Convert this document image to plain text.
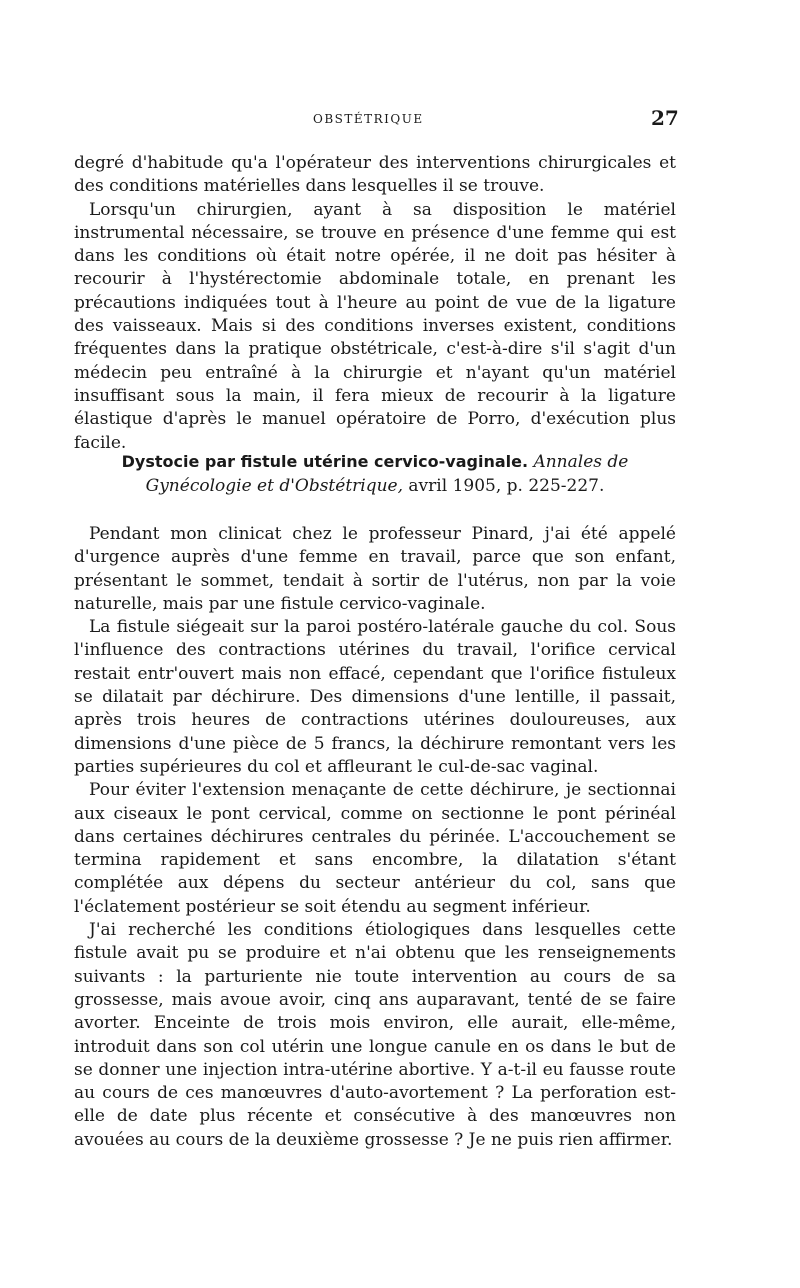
OBSTÉTRIQUE	27

degré d'habitude qu'a l'opérateur des interventions chirurgicales et des conditions matérielles dans lesquelles il se trouve.

Lorsqu'un chirurgien, ayant à sa disposition le matériel instrumental nécessaire, se trouve en présence d'une femme qui est dans les conditions où était notre opérée, il ne doit pas hésiter à recourir à l'hystérectomie abdominale totale, en prenant les précautions indiquées tout à l'heure au point de vue de la ligature des vaisseaux. Mais si des conditions inverses existent, conditions fréquentes dans la pratique obstétricale, c'est-à-dire s'il s'agit d'un médecin peu entraîné à la chirurgie et n'ayant qu'un matériel insuffisant sous la main, il fera mieux de recourir à la ligature élastique d'après le manuel opératoire de Porro, d'exécution plus facile.

Dystocie par fistule utérine cervico-vaginale. Annales de Gynécologie et d'Obstétrique, avril 1905, p. 225-227.

Pendant mon clinicat chez le professeur Pinard, j'ai été appelé d'urgence auprès d'une femme en travail, parce que son enfant, présentant le sommet, tendait à sortir de l'utérus, non par la voie naturelle, mais par une fistule cervico-vaginale.

La fistule siégeait sur la paroi postéro-latérale gauche du col. Sous l'influence des contractions utérines du travail, l'orifice cervical restait entr'ouvert mais non effacé, cependant que l'orifice fistuleux se dilatait par déchirure. Des dimensions d'une lentille, il passait, après trois heures de contractions utérines douloureuses, aux dimensions d'une pièce de 5 francs, la déchirure remontant vers les parties supérieures du col et affleurant le cul-de-sac vaginal.

Pour éviter l'extension menaçante de cette déchirure, je sectionnai aux ciseaux le pont cervical, comme on sectionne le pont périnéal dans certaines déchirures centrales du périnée. L'accouchement se termina rapidement et sans encombre, la dilatation s'étant complétée aux dépens du secteur antérieur du col, sans que l'éclatement postérieur se soit étendu au segment inférieur.

J'ai recherché les conditions étiologiques dans lesquelles cette fistule avait pu se produire et n'ai obtenu que les renseignements suivants : la parturiente nie toute intervention au cours de sa grossesse, mais avoue avoir, cinq ans auparavant, tenté de se faire avorter. Enceinte de trois mois environ, elle aurait, elle-même, introduit dans son col utérin une longue canule en os dans le but de se donner une injection intra-utérine abortive. Y a-t-il eu fausse route au cours de ces manœuvres d'auto-avortement ? La perforation est-elle de date plus récente et consécutive à des manœuvres non avouées au cours de la deuxième grossesse ? Je ne puis rien affirmer.
